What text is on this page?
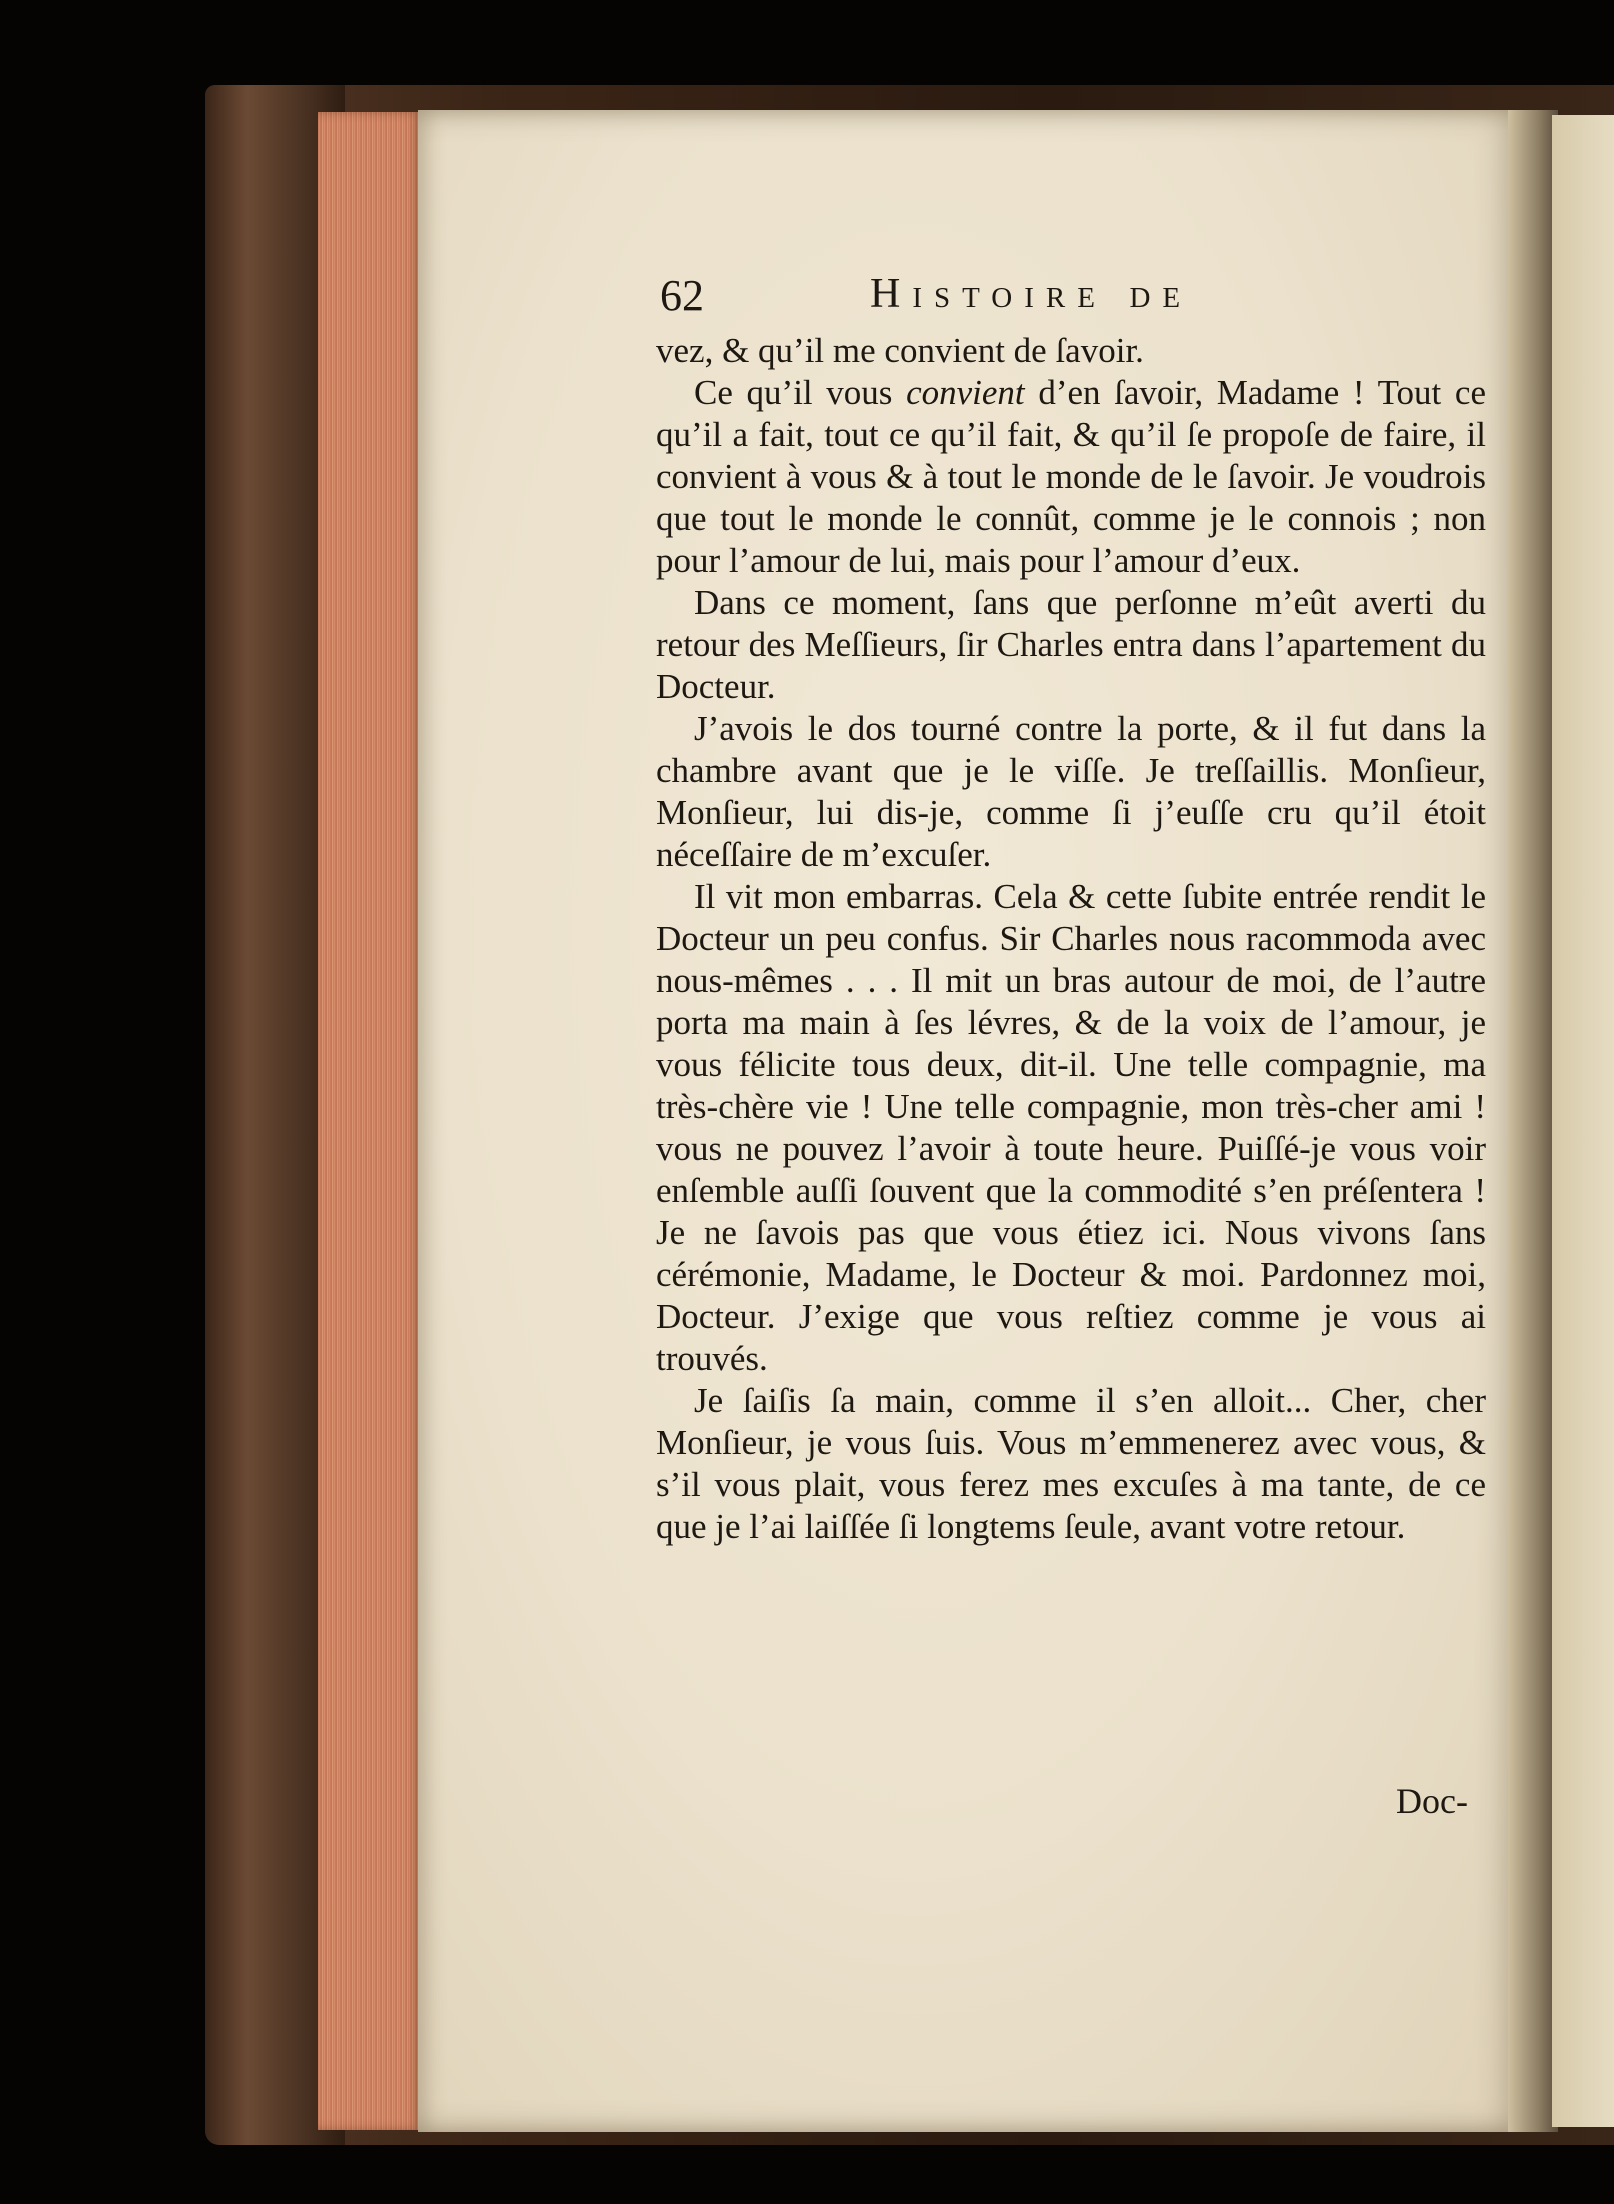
62	Histoire de

vez, & qu’il me convient de ſavoir.

Ce qu’il vous convient d’en ſavoir, Madame ! Tout ce qu’il a fait, tout ce qu’il fait, & qu’il ſe propoſe de faire, il convient à vous & à tout le monde de le ſavoir. Je voudrois que tout le monde le connût, comme je le connois ; non pour l’amour de lui, mais pour l’amour d’eux.

Dans ce moment, ſans que perſonne m’eût averti du retour des Meſſieurs, ſir Charles entra dans l’apartement du Docteur.

J’avois le dos tourné contre la porte, & il fut dans la chambre avant que je le viſſe. Je treſſaillis. Monſieur, Monſieur, lui dis-je, comme ſi j’euſſe cru qu’il étoit néceſſaire de m’excuſer.

Il vit mon embarras. Cela & cette ſubite entrée rendit le Docteur un peu confus. Sir Charles nous racommoda avec nous-mêmes . . . Il mit un bras autour de moi, de l’autre porta ma main à ſes lévres, & de la voix de l’amour, je vous félicite tous deux, dit-il. Une telle compagnie, ma très-chère vie ! Une telle compagnie, mon très-cher ami ! vous ne pouvez l’avoir à toute heure. Puiſſé-je vous voir enſemble auſſi ſouvent que la commodité s’en préſentera ! Je ne ſavois pas que vous étiez ici. Nous vivons ſans cérémonie, Madame, le Docteur & moi. Pardonnez moi, Docteur. J’exige que vous reſtiez comme je vous ai trouvés.

Je ſaiſis ſa main, comme il s’en alloit... Cher, cher Monſieur, je vous ſuis. Vous m’emmenerez avec vous, & s’il vous plait, vous ferez mes excuſes à ma tante, de ce que je l’ai laiſſée ſi longtems ſeule, avant votre retour.

Doc-
